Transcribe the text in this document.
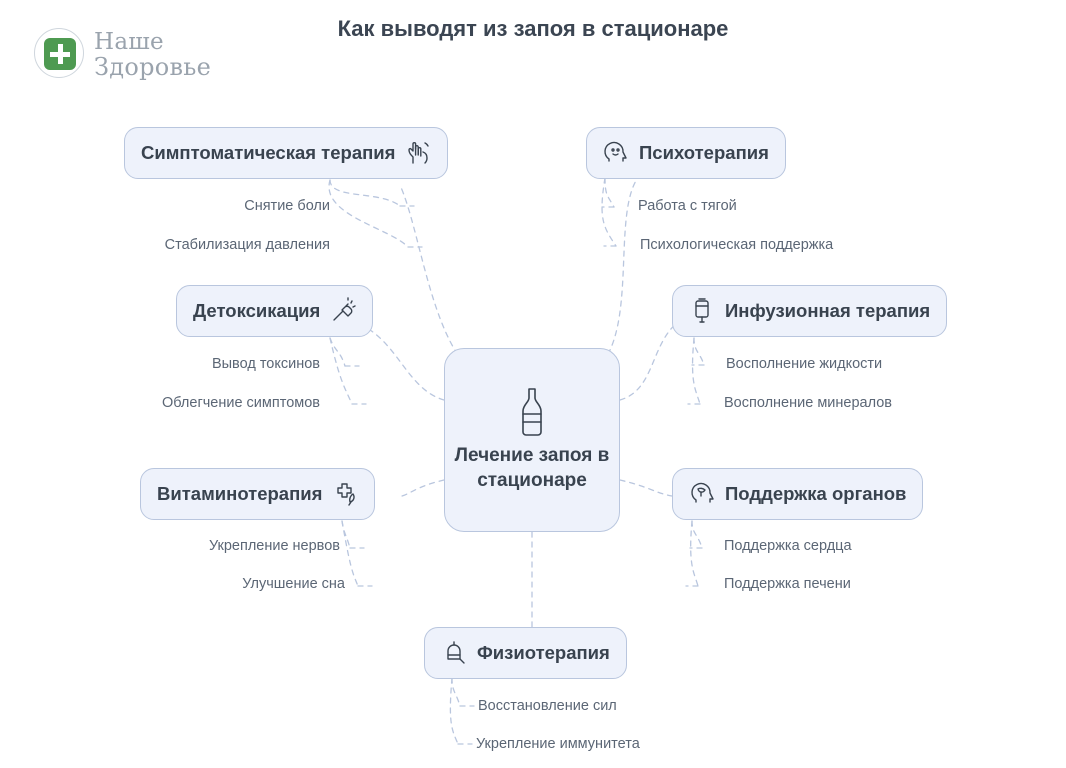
Наше
Здоровье
Как выводят из запоя в стационаре
Лечение запоя в стационаре
Симптоматическая терапия
Снятие боли
Стабилизация давления
Психотерапия
Работа с тягой
Психологическая поддержка
Детоксикация
Вывод токсинов
Облегчение симптомов
Инфузионная терапия
Восполнение жидкости
Восполнение минералов
Витаминотерапия
Укрепление нервов
Улучшение сна
Поддержка органов
Поддержка сердца
Поддержка печени
Физиотерапия
Восстановление сил
Укрепление иммунитета
